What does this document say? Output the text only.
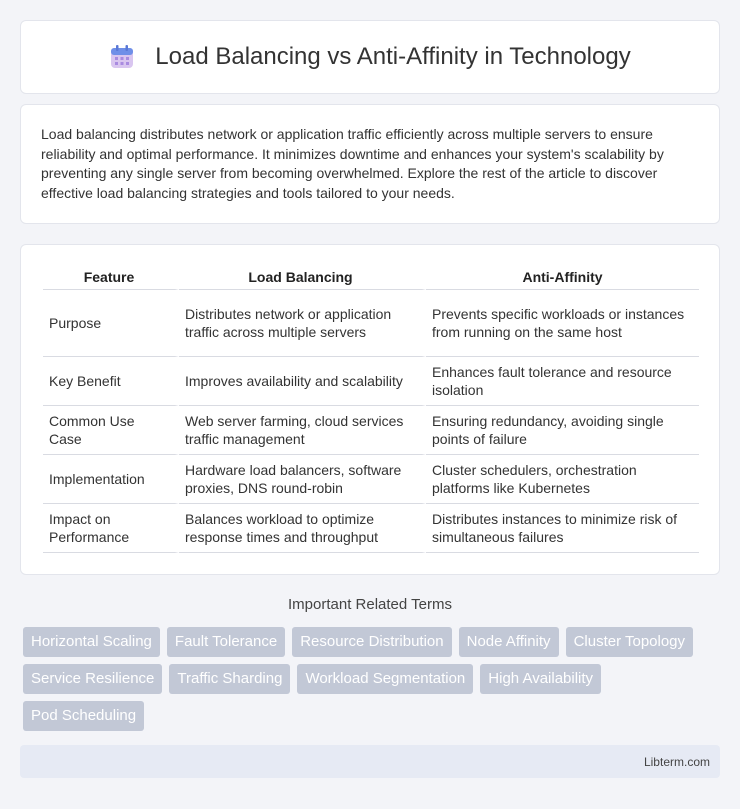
Load Balancing vs Anti-Affinity in Technology

Load balancing distributes network or application traffic efficiently across multiple servers to ensure reliability and optimal performance. It minimizes downtime and enhances your system's scalability by preventing any single server from becoming overwhelmed. Explore the rest of the article to discover effective load balancing strategies and tools tailored to your needs.

Feature	Load Balancing	Anti-Affinity
Purpose	Distributes network or application traffic across multiple servers	Prevents specific workloads or instances from running on the same host
Key Benefit	Improves availability and scalability	Enhances fault tolerance and resource isolation
Common Use Case	Web server farming, cloud services traffic management	Ensuring redundancy, avoiding single points of failure
Implementation	Hardware load balancers, software proxies, DNS round-robin	Cluster schedulers, orchestration platforms like Kubernetes
Impact on Performance	Balances workload to optimize response times and throughput	Distributes instances to minimize risk of simultaneous failures
Important Related Terms
Horizontal Scaling	Fault Tolerance	Resource Distribution	Node Affinity	Cluster Topology
Service Resilience	Traffic Sharding	Workload Segmentation	High Availability
Pod Scheduling
Libterm.com
